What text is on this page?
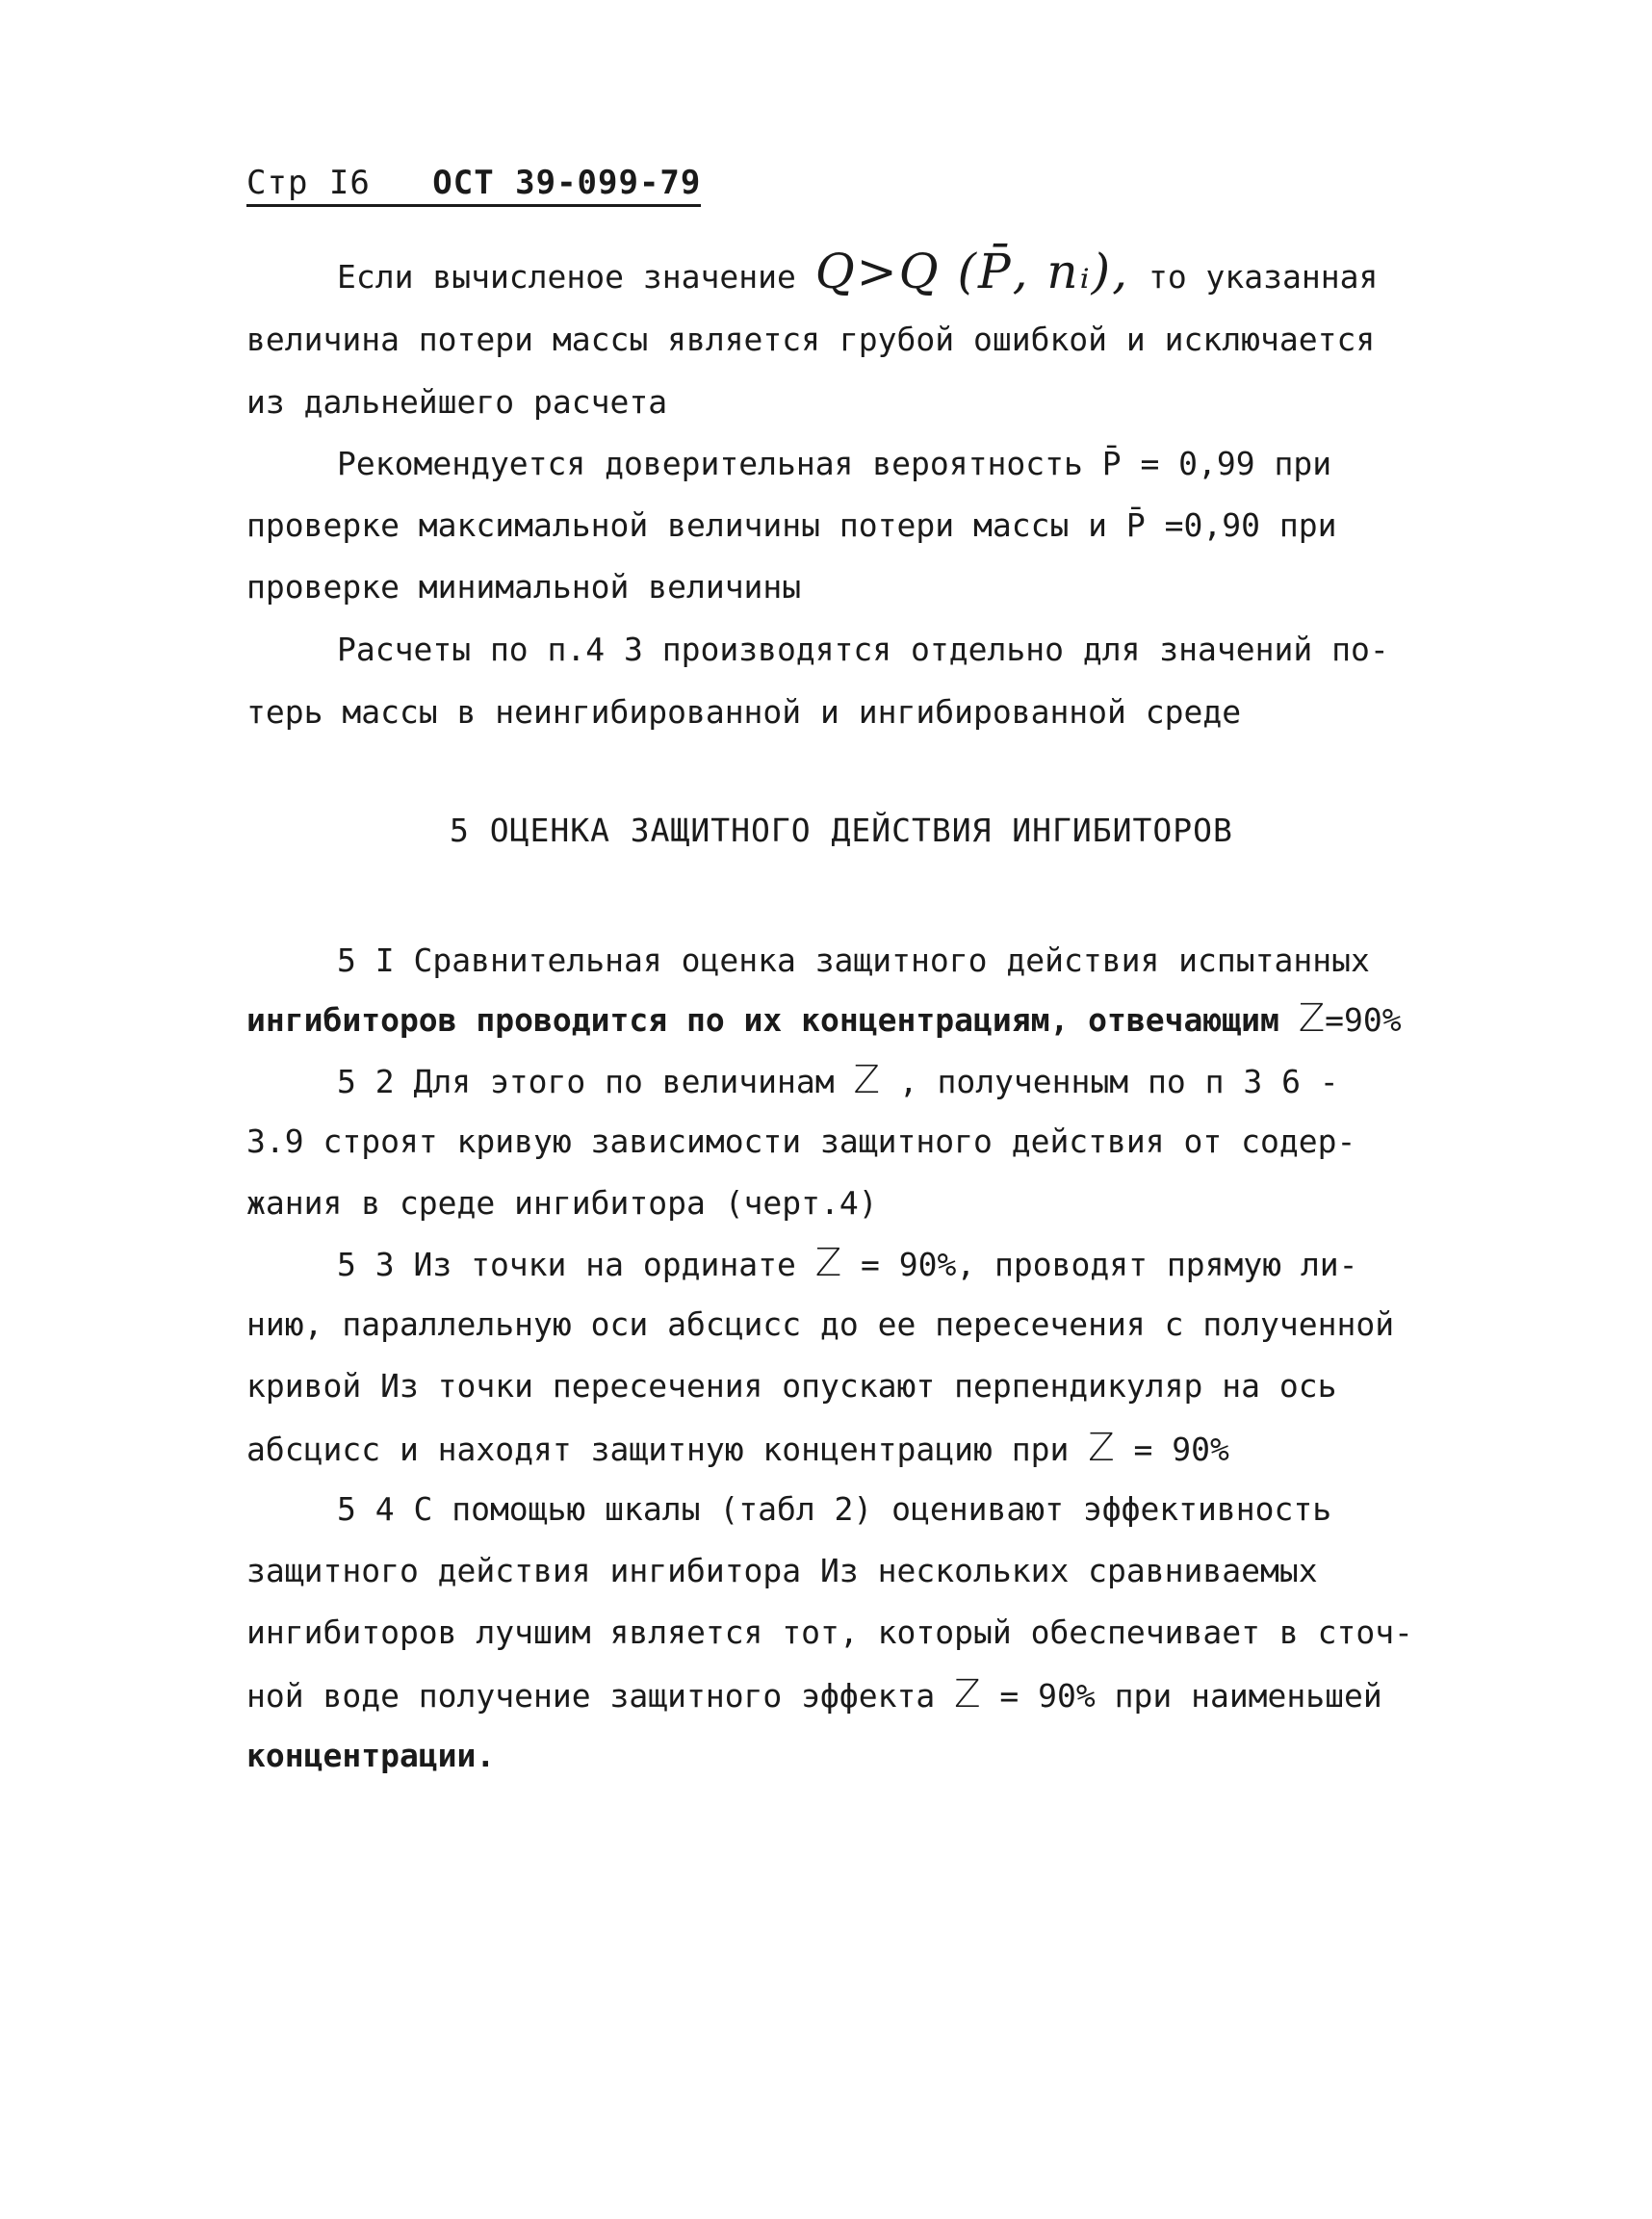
Стр I6 ОСТ 39-099-79
Если вычисленое значение Q>Q (P̄, nᵢ), то указанная
величина потери массы является грубой ошибкой и исключается
из дальнейшего расчета
Рекомендуется доверительная вероятность P̄ = 0,99 при
проверке максимальной величины потери массы и P̄ =0,90 при
проверке минимальной величины
Расчеты по п.4 3 производятся отдельно для значений по-
терь массы в неингибированной и ингибированной среде
5 ОЦЕНКА ЗАЩИТНОГО ДЕЙСТВИЯ ИНГИБИТОРОВ
5 I Сравнительная оценка защитного действия испытанных
ингибиторов проводится по их концентрациям, отвечающим Z=90%
5 2 Для этого по величинам Z , полученным по п 3 6 -
3.9 строят кривую зависимости защитного действия от содер-
жания в среде ингибитора (черт.4)
5 3 Из точки на ординате Z = 90%, проводят прямую ли-
нию, параллельную оси абсцисс до ее пересечения с полученной
кривой Из точки пересечения опускают перпендикуляр на ось
абсцисс и находят защитную концентрацию при Z = 90%
5 4 С помощью шкалы (табл 2) оценивают эффективность
защитного действия ингибитора Из нескольких сравниваемых
ингибиторов лучшим является тот, который обеспечивает в сточ-
ной воде получение защитного эффекта Z = 90% при наименьшей
концентрации.
